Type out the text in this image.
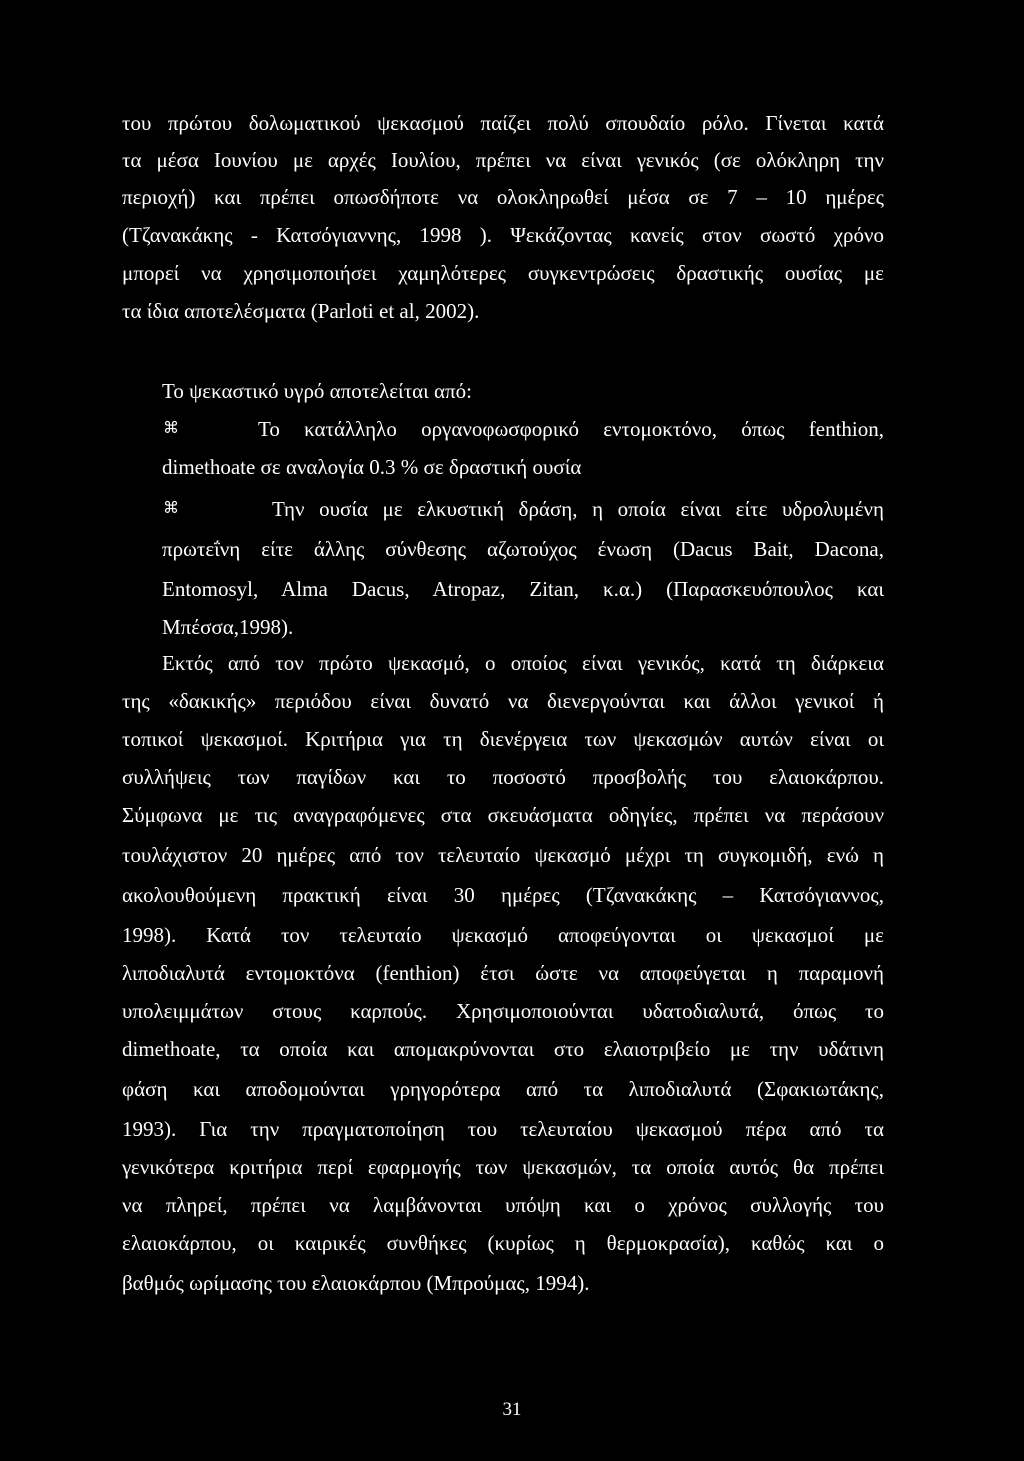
του πρώτου δολωματικού ψεκασμού παίζει πολύ σπουδαίο ρόλο. Γίνεται κατά
τα μέσα Ιουνίου με αρχές Ιουλίου, πρέπει να είναι γενικός (σε ολόκληρη την
περιοχή) και πρέπει οπωσδήποτε να ολοκληρωθεί μέσα σε 7 – 10 ημέρες
(Τζανακάκης - Κατσόγιαννης, 1998 ). Ψεκάζοντας κανείς στον σωστό χρόνο
μπορεί να χρησιμοποιήσει χαμηλότερες συγκεντρώσεις δραστικής ουσίας με
τα ίδια αποτελέσματα (Parloti et al, 2002).
Το ψεκαστικό υγρό αποτελείται από:
⌘	Το κατάλληλο οργανοφωσφορικό εντομοκτόνο, όπως fenthion,
dimethoate σε αναλογία 0.3 % σε δραστική ουσία
⌘	Την ουσία με ελκυστική δράση, η οποία είναι είτε υδρολυμένη
πρωτεΐνη είτε άλλης σύνθεσης αζωτούχος ένωση (Dacus Bait, Dacona,
Entomosyl, Alma Dacus, Atropaz, Zitan, κ.α.) (Παρασκευόπουλος και
Μπέσσα,1998).
Εκτός από τον πρώτο ψεκασμό, ο οποίος είναι γενικός, κατά τη διάρκεια
της «δακικής» περιόδου είναι δυνατό να διενεργούνται και άλλοι γενικοί ή
τοπικοί ψεκασμοί. Κριτήρια για τη διενέργεια των ψεκασμών αυτών είναι οι
συλλήψεις των παγίδων και το ποσοστό προσβολής του ελαιοκάρπου.
Σύμφωνα με τις αναγραφόμενες στα σκευάσματα οδηγίες, πρέπει να περάσουν
τουλάχιστον 20 ημέρες από τον τελευταίο ψεκασμό μέχρι τη συγκομιδή, ενώ η
ακολουθούμενη πρακτική είναι 30 ημέρες (Τζανακάκης – Κατσόγιαννος,
1998). Κατά τον τελευταίο ψεκασμό αποφεύγονται οι ψεκασμοί με
λιποδιαλυτά εντομοκτόνα (fenthion) έτσι ώστε να αποφεύγεται η παραμονή
υπολειμμάτων στους καρπούς. Χρησιμοποιούνται υδατοδιαλυτά, όπως το
dimethoate, τα οποία και απομακρύνονται στο ελαιοτριβείο με την υδάτινη
φάση και αποδομούνται γρηγορότερα από τα λιποδιαλυτά (Σφακιωτάκης,
1993). Για την πραγματοποίηση του τελευταίου ψεκασμού πέρα από τα
γενικότερα κριτήρια περί εφαρμογής των ψεκασμών, τα οποία αυτός θα πρέπει
να πληρεί, πρέπει να λαμβάνονται υπόψη και ο χρόνος συλλογής του
ελαιοκάρπου, οι καιρικές συνθήκες (κυρίως η θερμοκρασία), καθώς και ο
βαθμός ωρίμασης του ελαιοκάρπου (Μπρούμας, 1994).
31
